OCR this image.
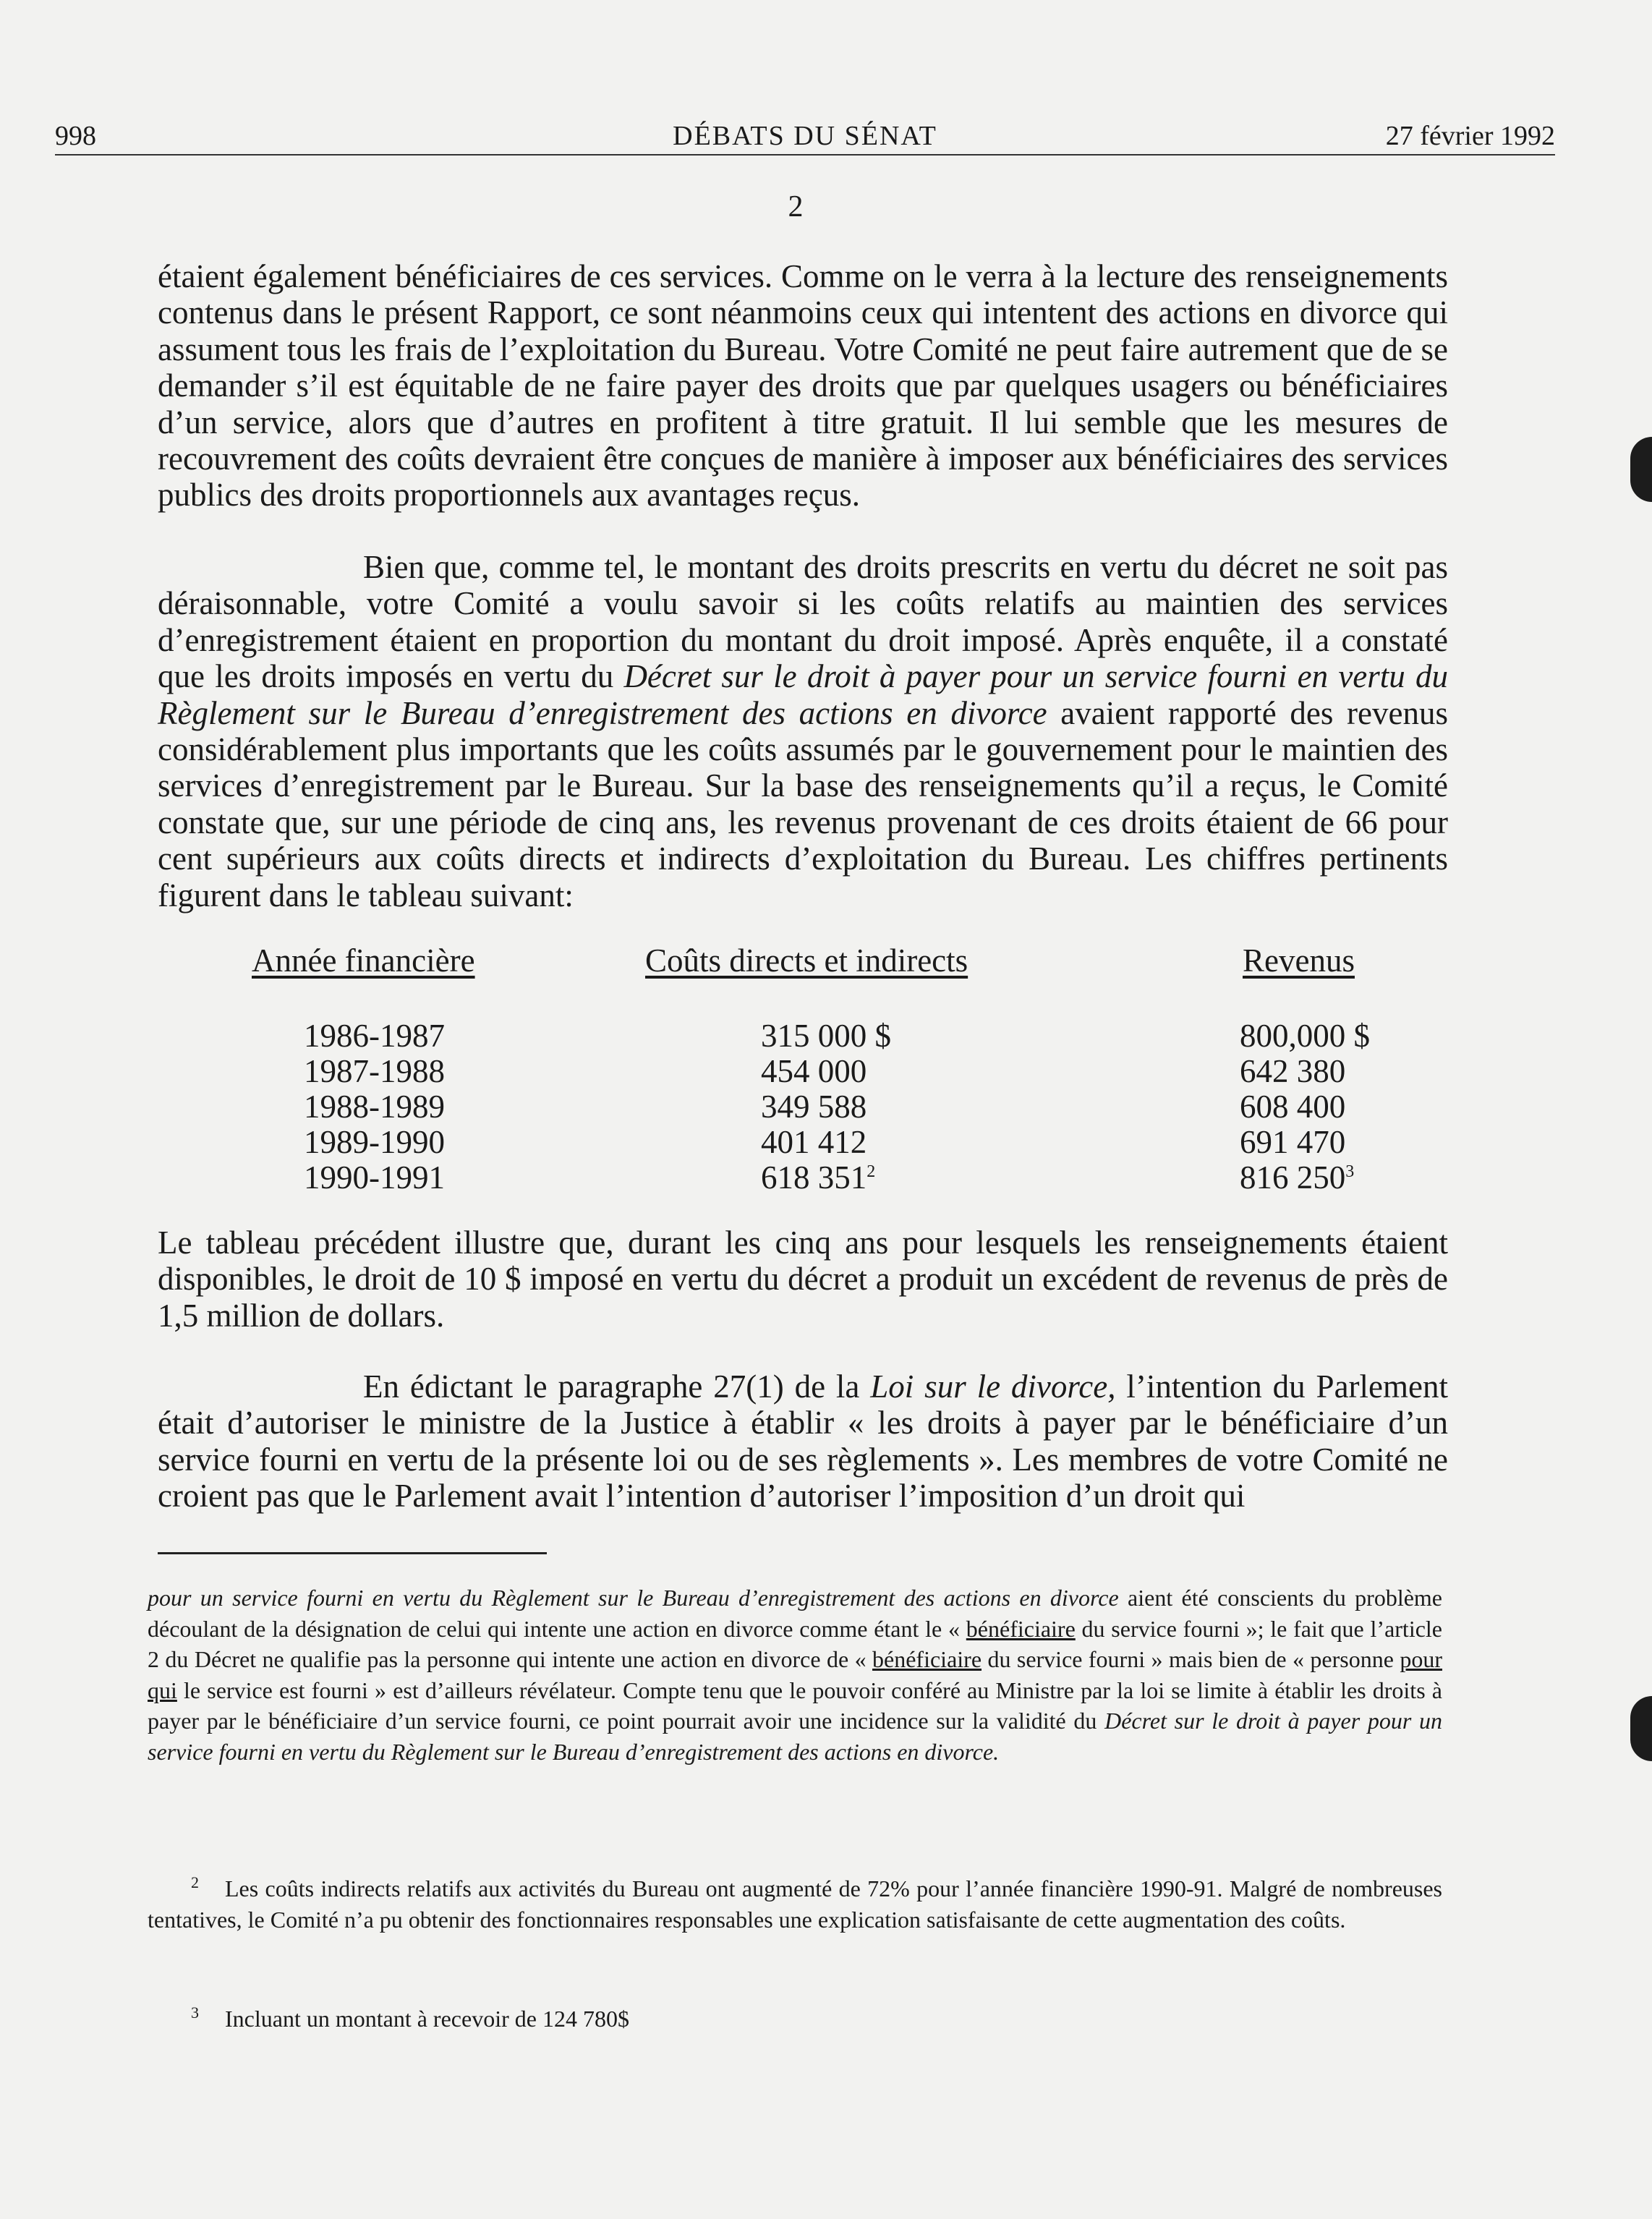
998	DÉBATS DU SÉNAT	27 février 1992
2

étaient également bénéficiaires de ces services. Comme on le verra à la lecture des renseignements contenus dans le présent Rapport, ce sont néanmoins ceux qui intentent des actions en divorce qui assument tous les frais de l’exploitation du Bureau. Votre Comité ne peut faire autrement que de se demander s’il est équitable de ne faire payer des droits que par quelques usagers ou bénéficiaires d’un service, alors que d’autres en profitent à titre gratuit. Il lui semble que les mesures de recouvrement des coûts devraient être conçues de manière à imposer aux bénéficiaires des services publics des droits proportionnels aux avantages reçus.

Bien que, comme tel, le montant des droits prescrits en vertu du décret ne soit pas déraisonnable, votre Comité a voulu savoir si les coûts relatifs au maintien des services d’enregistrement étaient en proportion du montant du droit imposé. Après enquête, il a constaté que les droits imposés en vertu du Décret sur le droit à payer pour un service fourni en vertu du Règlement sur le Bureau d’enregistrement des actions en divorce avaient rapporté des revenus considérablement plus importants que les coûts assumés par le gouvernement pour le maintien des services d’enregistrement par le Bureau. Sur la base des renseignements qu’il a reçus, le Comité constate que, sur une période de cinq ans, les revenus provenant de ces droits étaient de 66 pour cent supérieurs aux coûts directs et indirects d’exploitation du Bureau. Les chiffres pertinents figurent dans le tableau suivant:

Année financière	Coûts directs et indirects	Revenus
1986-1987	315 000 $	800,000 $
1987-1988	454 000	642 380
1988-1989	349 588	608 400
1989-1990	401 412	691 470
1990-1991	618 $351^2$	816 $250^3$

Le tableau précédent illustre que, durant les cinq ans pour lesquels les renseignements étaient disponibles, le droit de 10 $ imposé en vertu du décret a produit un excédent de revenus de près de 1,5 million de dollars.

En édictant le paragraphe 27(1) de la Loi sur le divorce, l’intention du Parlement était d’autoriser le ministre de la Justice à établir « les droits à payer par le bénéficiaire d’un service fourni en vertu de la présente loi ou de ses règlements ». Les membres de votre Comité ne croient pas que le Parlement avait l’intention d’autoriser l’imposition d’un droit qui

pour un service fourni en vertu du Règlement sur le Bureau d’enregistrement des actions en divorce aient été conscients du problème découlant de la désignation de celui qui intente une action en divorce comme étant le « bénéficiaire du service fourni »; le fait que l’article 2 du Décret ne qualifie pas la personne qui intente une action en divorce de « bénéficiaire du service fourni » mais bien de « personne pour qui le service est fourni » est d’ailleurs révélateur. Compte tenu que le pouvoir conféré au Ministre par la loi se limite à établir les droits à payer par le bénéficiaire d’un service fourni, ce point pourrait avoir une incidence sur la validité du Décret sur le droit à payer pour un service fourni en vertu du Règlement sur le Bureau d’enregistrement des actions en divorce.

$^2$ Les coûts indirects relatifs aux activités du Bureau ont augmenté de 72% pour l’année financière 1990-91. Malgré de nombreuses tentatives, le Comité n’a pu obtenir des fonctionnaires responsables une explication satisfaisante de cette augmentation des coûts.

$^3$ Incluant un montant à recevoir de 124 780$
